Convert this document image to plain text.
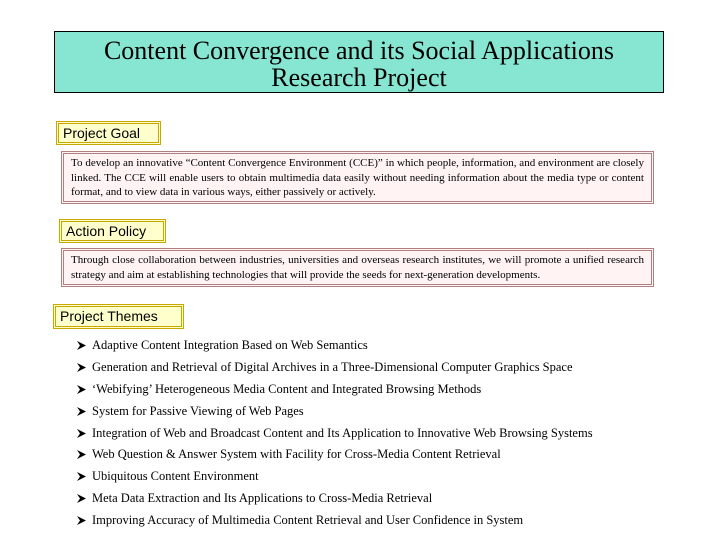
Content Convergence and its Social Applications
Research Project
Project Goal
To develop an innovative “Content Convergence Environment (CCE)” in which people, information, and environment are closely linked. The CCE will enable users to obtain multimedia data easily without needing information about the media type or content format, and to view data in various ways, either passively or actively.
Action Policy
Through close collaboration between industries, universities and overseas research institutes, we will promote a unified research strategy and aim at establishing technologies that will provide the seeds for next-generation developments.
Project Themes
Adaptive Content Integration Based on Web Semantics
Generation and Retrieval of Digital Archives in a Three-Dimensional Computer Graphics Space
‘Webifying’ Heterogeneous Media Content and Integrated Browsing Methods
System for Passive Viewing of Web Pages
Integration of Web and Broadcast Content and Its Application to Innovative Web Browsing Systems
Web Question & Answer System with Facility for Cross-Media Content Retrieval
Ubiquitous Content Environment
Meta Data Extraction and Its Applications to Cross-Media Retrieval
Improving Accuracy of Multimedia Content Retrieval and User Confidence in System
